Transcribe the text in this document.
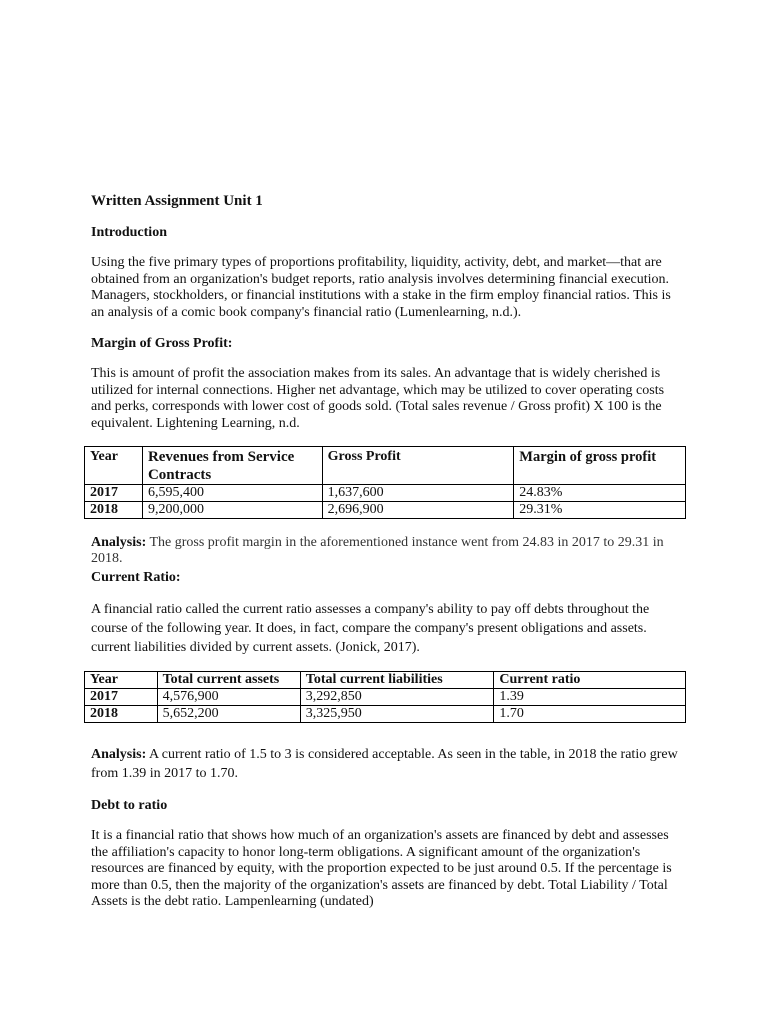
Written Assignment Unit 1
Introduction

Using the five primary types of proportions profitability, liquidity, activity, debt, and market—that are obtained from an organization's budget reports, ratio analysis involves determining financial execution. Managers, stockholders, or financial institutions with a stake in the firm employ financial ratios. This is an analysis of a comic book company's financial ratio (Lumenlearning, n.d.).

Margin of Gross Profit:

This is amount of profit the association makes from its sales. An advantage that is widely cherished is utilized for internal connections. Higher net advantage, which may be utilized to cover operating costs and perks, corresponds with lower cost of goods sold. (Total sales revenue / Gross profit) X 100 is the equivalent. Lightening Learning, n.d.

Year	Revenues from Service Contracts	Gross Profit	Margin of gross profit
2017	6,595,400	1,637,600	24.83%
2018	9,200,000	2,696,900	29.31%

Analysis: The gross profit margin in the aforementioned instance went from 24.83 in 2017 to 29.31 in 2018.

Current Ratio:

A financial ratio called the current ratio assesses a company's ability to pay off debts throughout the course of the following year. It does, in fact, compare the company's present obligations and assets. current liabilities divided by current assets. (Jonick, 2017).

Year	Total current assets	Total current liabilities	Current ratio
2017	4,576,900	3,292,850	1.39
2018	5,652,200	3,325,950	1.70

Analysis: A current ratio of 1.5 to 3 is considered acceptable. As seen in the table, in 2018 the ratio grew from 1.39 in 2017 to 1.70.

Debt to ratio

It is a financial ratio that shows how much of an organization's assets are financed by debt and assesses the affiliation's capacity to honor long-term obligations. A significant amount of the organization's resources are financed by equity, with the proportion expected to be just around 0.5. If the percentage is more than 0.5, then the majority of the organization's assets are financed by debt. Total Liability / Total Assets is the debt ratio. Lampenlearning (undated)
